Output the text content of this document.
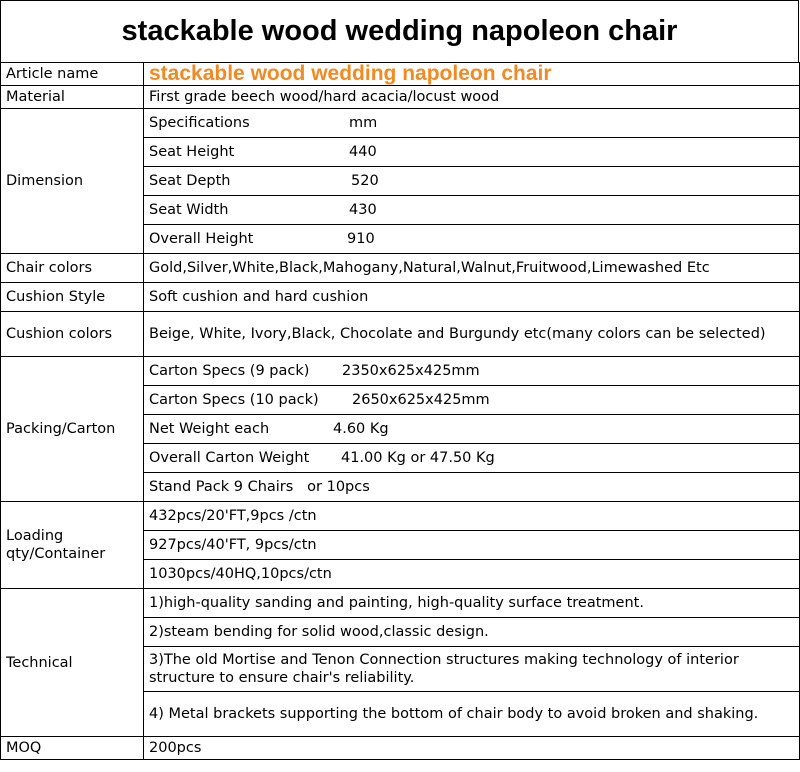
stackable wood wedding napoleon chair
Article name	stackable wood wedding napoleon chair
Material	First grade beech wood/hard acacia/locust wood
Dimension	Specifications mm
	Seat Height 440
	Seat Depth 520
	Seat Width 430
	Overall Height 910
Chair colors	Gold,Silver,White,Black,Mahogany,Natural,Walnut,Fruitwood,Limewashed Etc
Cushion Style	Soft cushion and hard cushion
Cushion colors	Beige, White, Ivory,Black, Chocolate and Burgundy etc(many colors can be selected)
Packing/Carton	Carton Specs (9 pack) 2350x625x425mm
	Carton Specs (10 pack) 2650x625x425mm
	Net Weight each 4.60 Kg
	Overall Carton Weight 41.00 Kg or 47.50 Kg
	Stand Pack 9 Chairs or 10pcs
Loading qty/Container	432pcs/20'FT,9pcs /ctn
	927pcs/40'FT, 9pcs/ctn
	1030pcs/40HQ,10pcs/ctn
Technical	1)high-quality sanding and painting, high-quality surface treatment.
	2)steam bending for solid wood,classic design.
	3)The old Mortise and Tenon Connection structures making technology of interior structure to ensure chair's reliability.
	4) Metal brackets supporting the bottom of chair body to avoid broken and shaking.
MOQ	200pcs
